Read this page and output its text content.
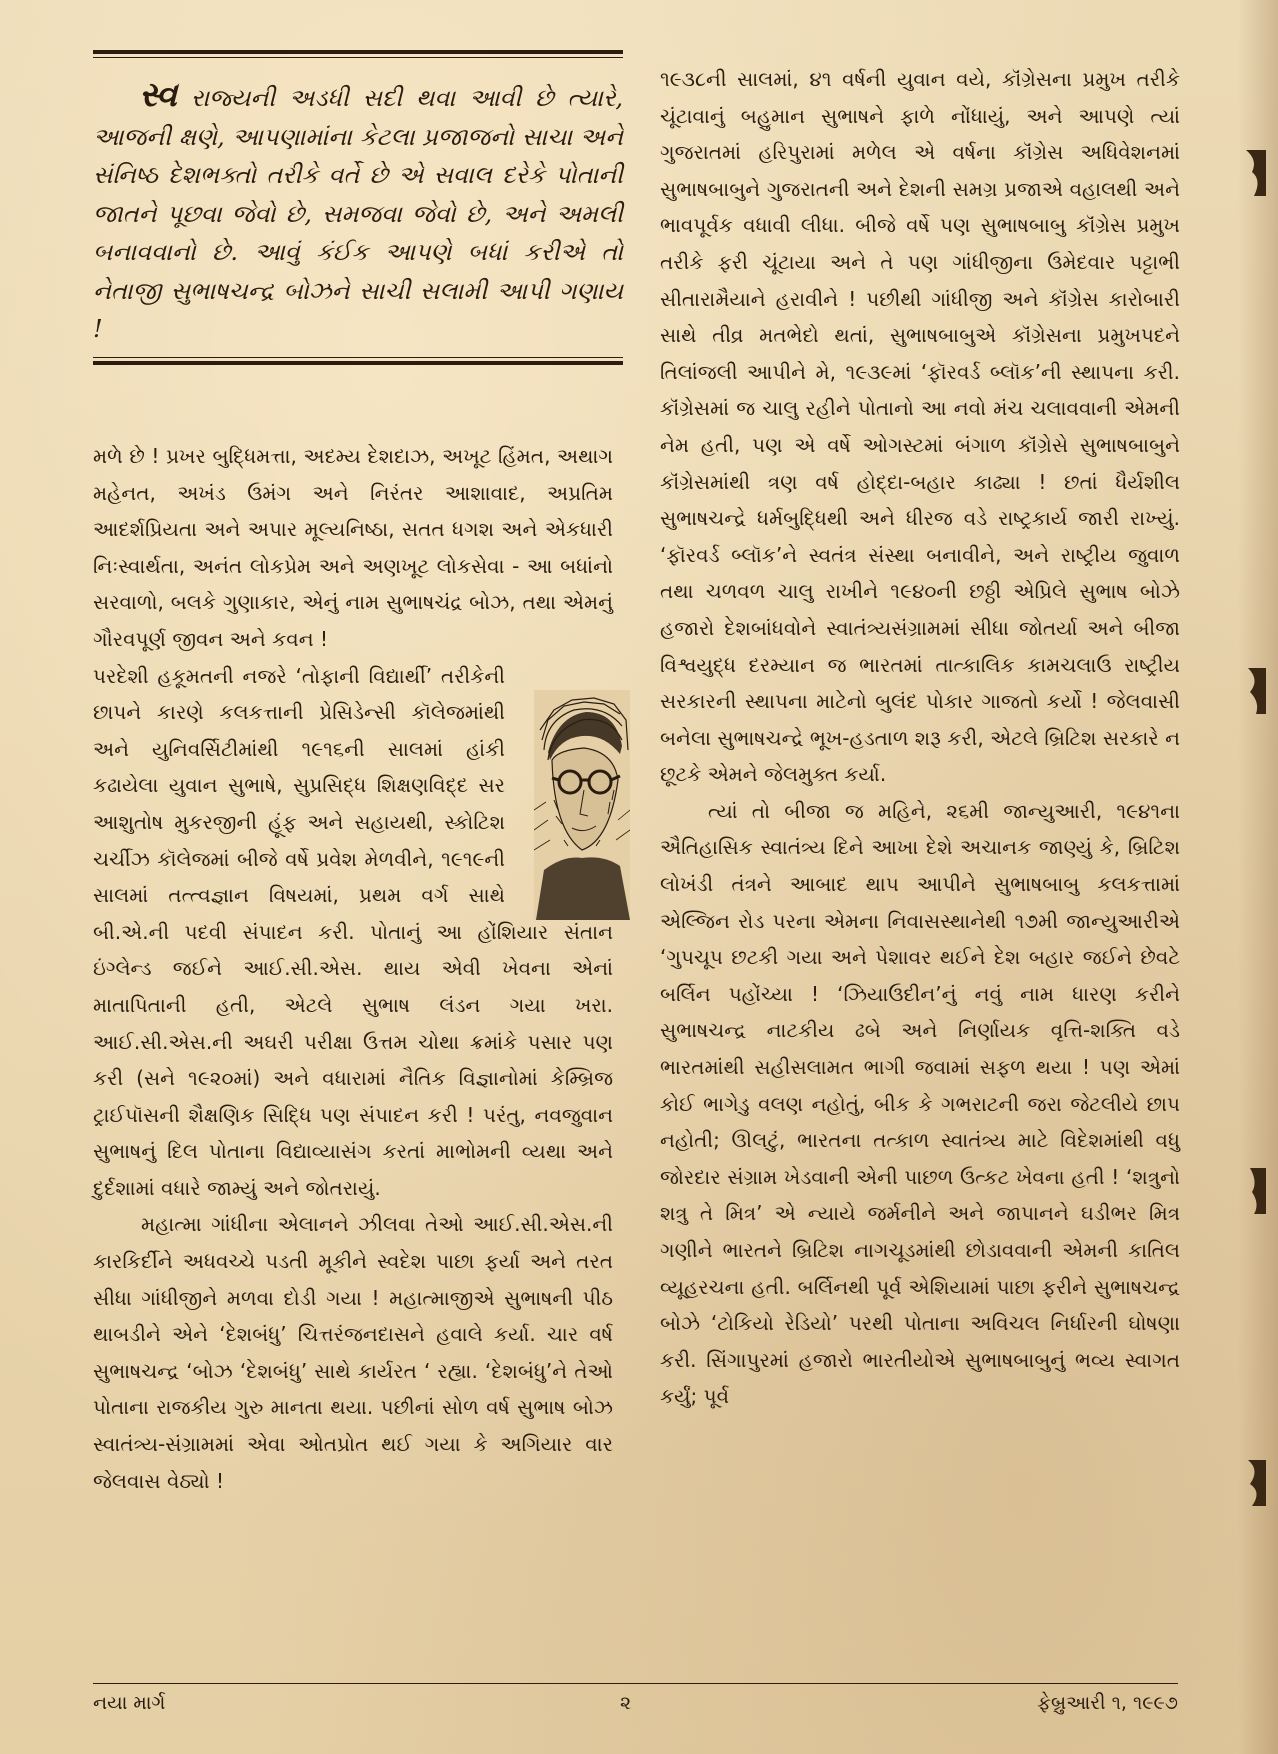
સ્વ રાજ્યની અડધી સદી થવા આવી છે ત્યારે, આજની ક્ષણે, આપણામાંના કેટલા પ્રજાજનો સાચા અને સંનિષ્ઠ દેશભક્તો તરીકે વર્તે છે એ સવાલ દરેકે પોતાની જાતને પૂછવા જેવો છે, સમજવા જેવો છે, અને અમલી બનાવવાનો છે. આવું કંઈક આપણે બધાં કરીએ તો નેતાજી સુભાષચન્દ્ર બોઝને સાચી સલામી આપી ગણાય !

મળે છે ! પ્રખર બુદ્ધિમત્તા, અદમ્ય દેશદાઝ, અખૂટ હિંમત, અથાગ મહેનત, અખંડ ઉમંગ અને નિરંતર આશાવાદ, અપ્રતિમ આદર્શપ્રિયતા અને અપાર મૂલ્યનિષ્ઠા, સતત ધગશ અને એકધારી નિઃસ્વાર્થતા, અનંત લોકપ્રેમ અને અણખૂટ લોકસેવા - આ બધાંનો સરવાળો, બલકે ગુણાકાર, એનું નામ સુભાષચંદ્ર બોઝ, તથા એમનું ગૌરવપૂર્ણ જીવન અને કવન !

પરદેશી હકૂમતની નજરે ‘તોફાની વિદ્યાર્થી’ તરીકેની છાપને કારણે કલકત્તાની પ્રેસિડેન્સી કૉલેજમાંથી અને યુનિવર્સિટીમાંથી ૧૯૧૬ની સાલમાં હાંકી કઢાયેલા યુવાન સુભાષે, સુપ્રસિદ્ધ શિક્ષણવિદ્દ સર આશુતોષ મુકરજીની હૂંફ અને સહાયથી, સ્કોટિશ ચર્ચીઝ કૉલેજમાં બીજે વર્ષે પ્રવેશ મેળવીને, ૧૯૧૯ની સાલમાં તત્ત્વજ્ઞાન વિષયમાં, પ્રથમ વર્ગ સાથે બી.એ.ની પદવી સંપાદન કરી. પોતાનું આ હોંશિયાર સંતાન ઇંગ્લેન્ડ જઈને આઈ.સી.એસ. થાય એવી ખેવના એનાં માતાપિતાની હતી, એટલે સુભાષ લંડન ગયા ખરા. આઈ.સી.એસ.ની અઘરી પરીક્ષા ઉત્તમ ચોથા ક્રમાંકે પસાર પણ કરી (સને ૧૯૨૦માં) અને વધારામાં નૈતિક વિજ્ઞાનોમાં કેમ્બ્રિજ ટ્રાઈપૉસની શૈક્ષણિક સિદ્ધિ પણ સંપાદન કરી ! પરંતુ, નવજુવાન સુભાષનું દિલ પોતાના વિદ્યાવ્યાસંગ કરતાં માભોમની વ્યથા અને દુર્દશામાં વધારે જામ્યું અને જોતરાયું.

મહાત્મા ગાંધીના એલાનને ઝીલવા તેઓ આઈ.સી.એસ.ની કારકિર્દીને અધવચ્ચે પડતી મૂકીને સ્વદેશ પાછા ફર્યા અને તરત સીધા ગાંધીજીને મળવા દોડી ગયા ! મહાત્માજીએ સુભાષની પીઠ થાબડીને એને ‘દેશબંધુ’ ચિત્તરંજનદાસને હવાલે કર્યા. ચાર વર્ષ સુભાષચન્દ્ર ‘બોઝ ‘દેશબંધુ’ સાથે કાર્યરત ‘ રહ્યા. ‘દેશબંધુ’ને તેઓ પોતાના રાજકીય ગુરુ માનતા થયા. પછીનાં સોળ વર્ષ સુભાષ બોઝ સ્વાતંત્ર્ય-સંગ્રામમાં એવા ઓતપ્રોત થઈ ગયા કે અગિયાર વાર જેલવાસ વેઠ્યો !

૧૯૩૮ની સાલમાં, ૪૧ વર્ષની યુવાન વયે, કૉંગ્રેસના પ્રમુખ તરીકે ચૂંટાવાનું બહુમાન સુભાષને ફાળે નોંધાયું, અને આપણે ત્યાં ગુજરાતમાં હરિપુરામાં મળેલ એ વર્ષના કૉંગ્રેસ અધિવેશનમાં સુભાષબાબુને ગુજરાતની અને દેશની સમગ્ર પ્રજાએ વહાલથી અને ભાવપૂર્વક વધાવી લીધા. બીજે વર્ષે પણ સુભાષબાબુ કૉંગ્રેસ પ્રમુખ તરીકે ફરી ચૂંટાયા અને તે પણ ગાંધીજીના ઉમેદવાર પટ્ટાભી સીતારામૈયાને હરાવીને ! પછીથી ગાંધીજી અને કૉંગ્રેસ કારોબારી સાથે તીવ્ર મતભેદો થતાં, સુભાષબાબુએ કૉંગ્રેસના પ્રમુખપદને તિલાંજલી આપીને મે, ૧૯૩૯માં ‘ફૉરવર્ડ બ્લૉક’ની સ્થાપના કરી. કૉંગ્રેસમાં જ ચાલુ રહીને પોતાનો આ નવો મંચ ચલાવવાની એમની નેમ હતી, પણ એ વર્ષે ઓગસ્ટમાં બંગાળ કૉંગ્રેસે સુભાષબાબુને કૉંગ્રેસમાંથી ત્રણ વર્ષ હોદ્દા-બહાર કાઢ્યા ! છતાં ધૈર્યશીલ સુભાષચન્દ્રે ધર્મબુદ્ધિથી અને ધીરજ વડે રાષ્ટ્રકાર્ય જારી રાખ્યું. ‘ફૉરવર્ડ બ્લૉક’ને સ્વતંત્ર સંસ્થા બનાવીને, અને રાષ્ટ્રીય જુવાળ તથા ચળવળ ચાલુ રાખીને ૧૯૪૦ની છઠ્ઠી એપ્રિલે સુભાષ બોઝે હજારો દેશબાંધવોને સ્વાતંત્ર્યસંગ્રામમાં સીધા જોતર્યા અને બીજા વિશ્વયુદ્ધ દરમ્યાન જ ભારતમાં તાત્કાલિક કામચલાઉ રાષ્ટ્રીય સરકારની સ્થાપના માટેનો બુલંદ પોકાર ગાજતો કર્યો ! જેલવાસી બનેલા સુભાષચન્દ્રે ભૂખ-હડતાળ શરૂ કરી, એટલે બ્રિટિશ સરકારે ન છૂટકે એમને જેલમુક્ત કર્યા.

ત્યાં તો બીજા જ મહિને, ૨૬મી જાન્યુઆરી, ૧૯૪૧ના ઐતિહાસિક સ્વાતંત્ર્ય દિને આખા દેશે અચાનક જાણ્યું કે, બ્રિટિશ લોખંડી તંત્રને આબાદ થાપ આપીને સુભાષબાબુ કલકત્તામાં એલ્જિન રોડ પરના એમના નિવાસસ્થાનેથી ૧૭મી જાન્યુઆરીએ ‘ગુપચૂપ છટકી ગયા અને પેશાવર થઈને દેશ બહાર જઈને છેવટે બર્લિન પહોંચ્યા ! ‘ઝિયાઉદીન’નું નવું નામ ધારણ કરીને સુભાષચન્દ્ર નાટકીય ઢબે અને નિર્ણાયક વૃત્તિ-શક્તિ વડે ભારતમાંથી સહીસલામત ભાગી જવામાં સફળ થયા ! પણ એમાં કોઈ ભાગેડુ વલણ નહોતું, બીક કે ગભરાટની જરા જેટલીયે છાપ નહોતી; ઊલટું, ભારતના તત્કાળ સ્વાતંત્ર્ય માટે વિદેશમાંથી વધુ જોરદાર સંગ્રામ ખેડવાની એની પાછળ ઉત્કટ ખેવના હતી ! ‘શત્રુનો શત્રુ તે મિત્ર’ એ ન્યાયે જર્મનીને અને જાપાનને ઘડીભર મિત્ર ગણીને ભારતને બ્રિટિશ નાગચૂડમાંથી છોડાવવાની એમની કાતિલ વ્યૂહરચના હતી. બર્લિનથી પૂર્વ એશિયામાં પાછા ફરીને સુભાષચન્દ્ર બોઝે ‘ટોકિયો રેડિયો’ પરથી પોતાના અવિચલ નિર્ધારની ઘોષણા કરી. સિંગાપુરમાં હજારો ભારતીયોએ સુભાષબાબુનું ભવ્ય સ્વાગત કર્યું; પૂર્વ

નયા માર્ગ	૨	ફેબ્રુઆરી ૧, ૧૯૯૭
